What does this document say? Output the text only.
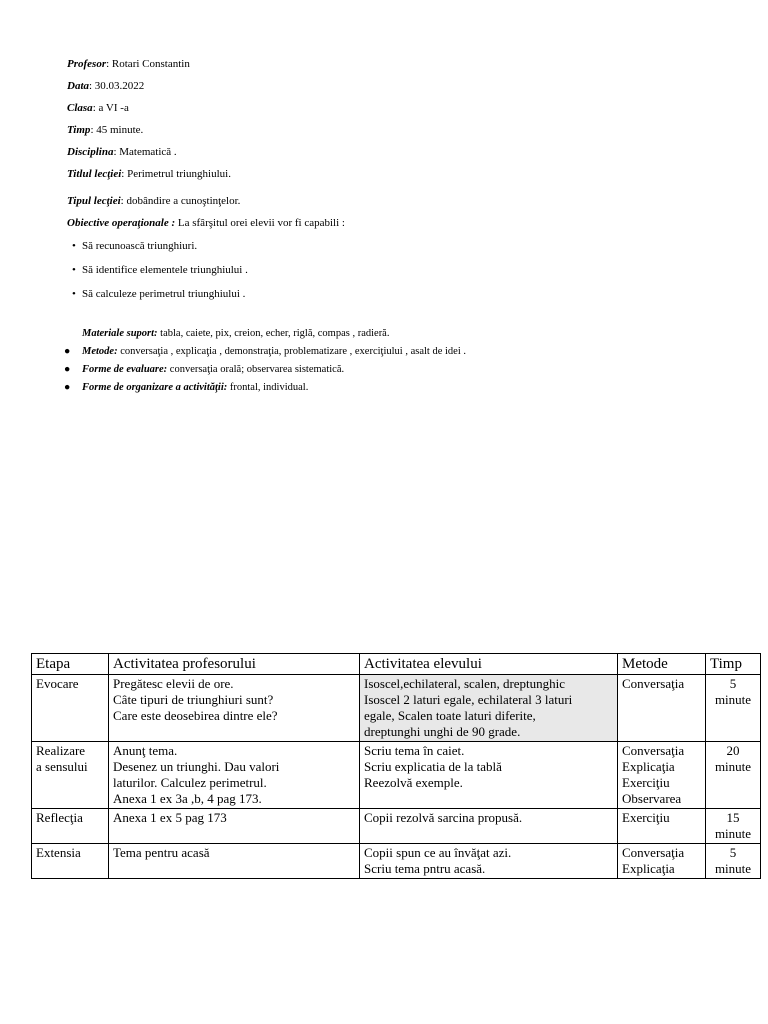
Profesor: Rotari Constantin
Data: 30.03.2022
Clasa: a VI -a
Timp: 45 minute.
Disciplina: Matematică .
Titlul lecţiei: Perimetrul triunghiului.
Tipul lecţiei: dobândire a cunoştinţelor.
Obiective operaţionale : La sfârşitul orei elevii vor fi capabili :
• Să recunoască triunghiuri.
• Să identifice elementele triunghiului .
• Să calculeze perimetrul triunghiului .
Materiale suport: tabla, caiete, pix, creion, echer, riglă, compas , radieră.
● Metode: conversaţia , explicaţia , demonstraţia, problematizare , exerciţiului , asalt de idei .
● Forme de evaluare: conversaţia orală; observarea sistematică.
● Forme de organizare a activităţii: frontal, individual.
Etapa	Activitatea profesorului	Activitatea elevului	Metode	Timp

Evocare	Pregătesc elevii de ore.
Câte tipuri de triunghiuri sunt?
Care este deosebirea dintre ele?	Isoscel,echilateral, scalen, dreptunghic
Isoscel 2 laturi egale, echilateral 3 laturi
egale, Scalen toate laturi diferite,
dreptunghi unghi de 90 grade.	Conversaţia	5
minute

Realizare
a sensului	Anunţ tema.
Desenez un triunghi. Dau valori
laturilor. Calculez perimetrul.
Anexa 1 ex 3a ,b, 4 pag 173.	Scriu tema în caiet.
Scriu explicatia de la tablă
Reezolvă exemple.	Conversaţia
Explicaţia
Exerciţiu
Observarea	20
minute

Reflecţia	Anexa 1 ex 5 pag 173	Copii rezolvă sarcina propusă.	Exerciţiu	15
minute

Extensia	Tema pentru acasă	Copii spun ce au învăţat azi.
Scriu tema pntru acasă.	Conversaţia
Explicaţia	5
minute
